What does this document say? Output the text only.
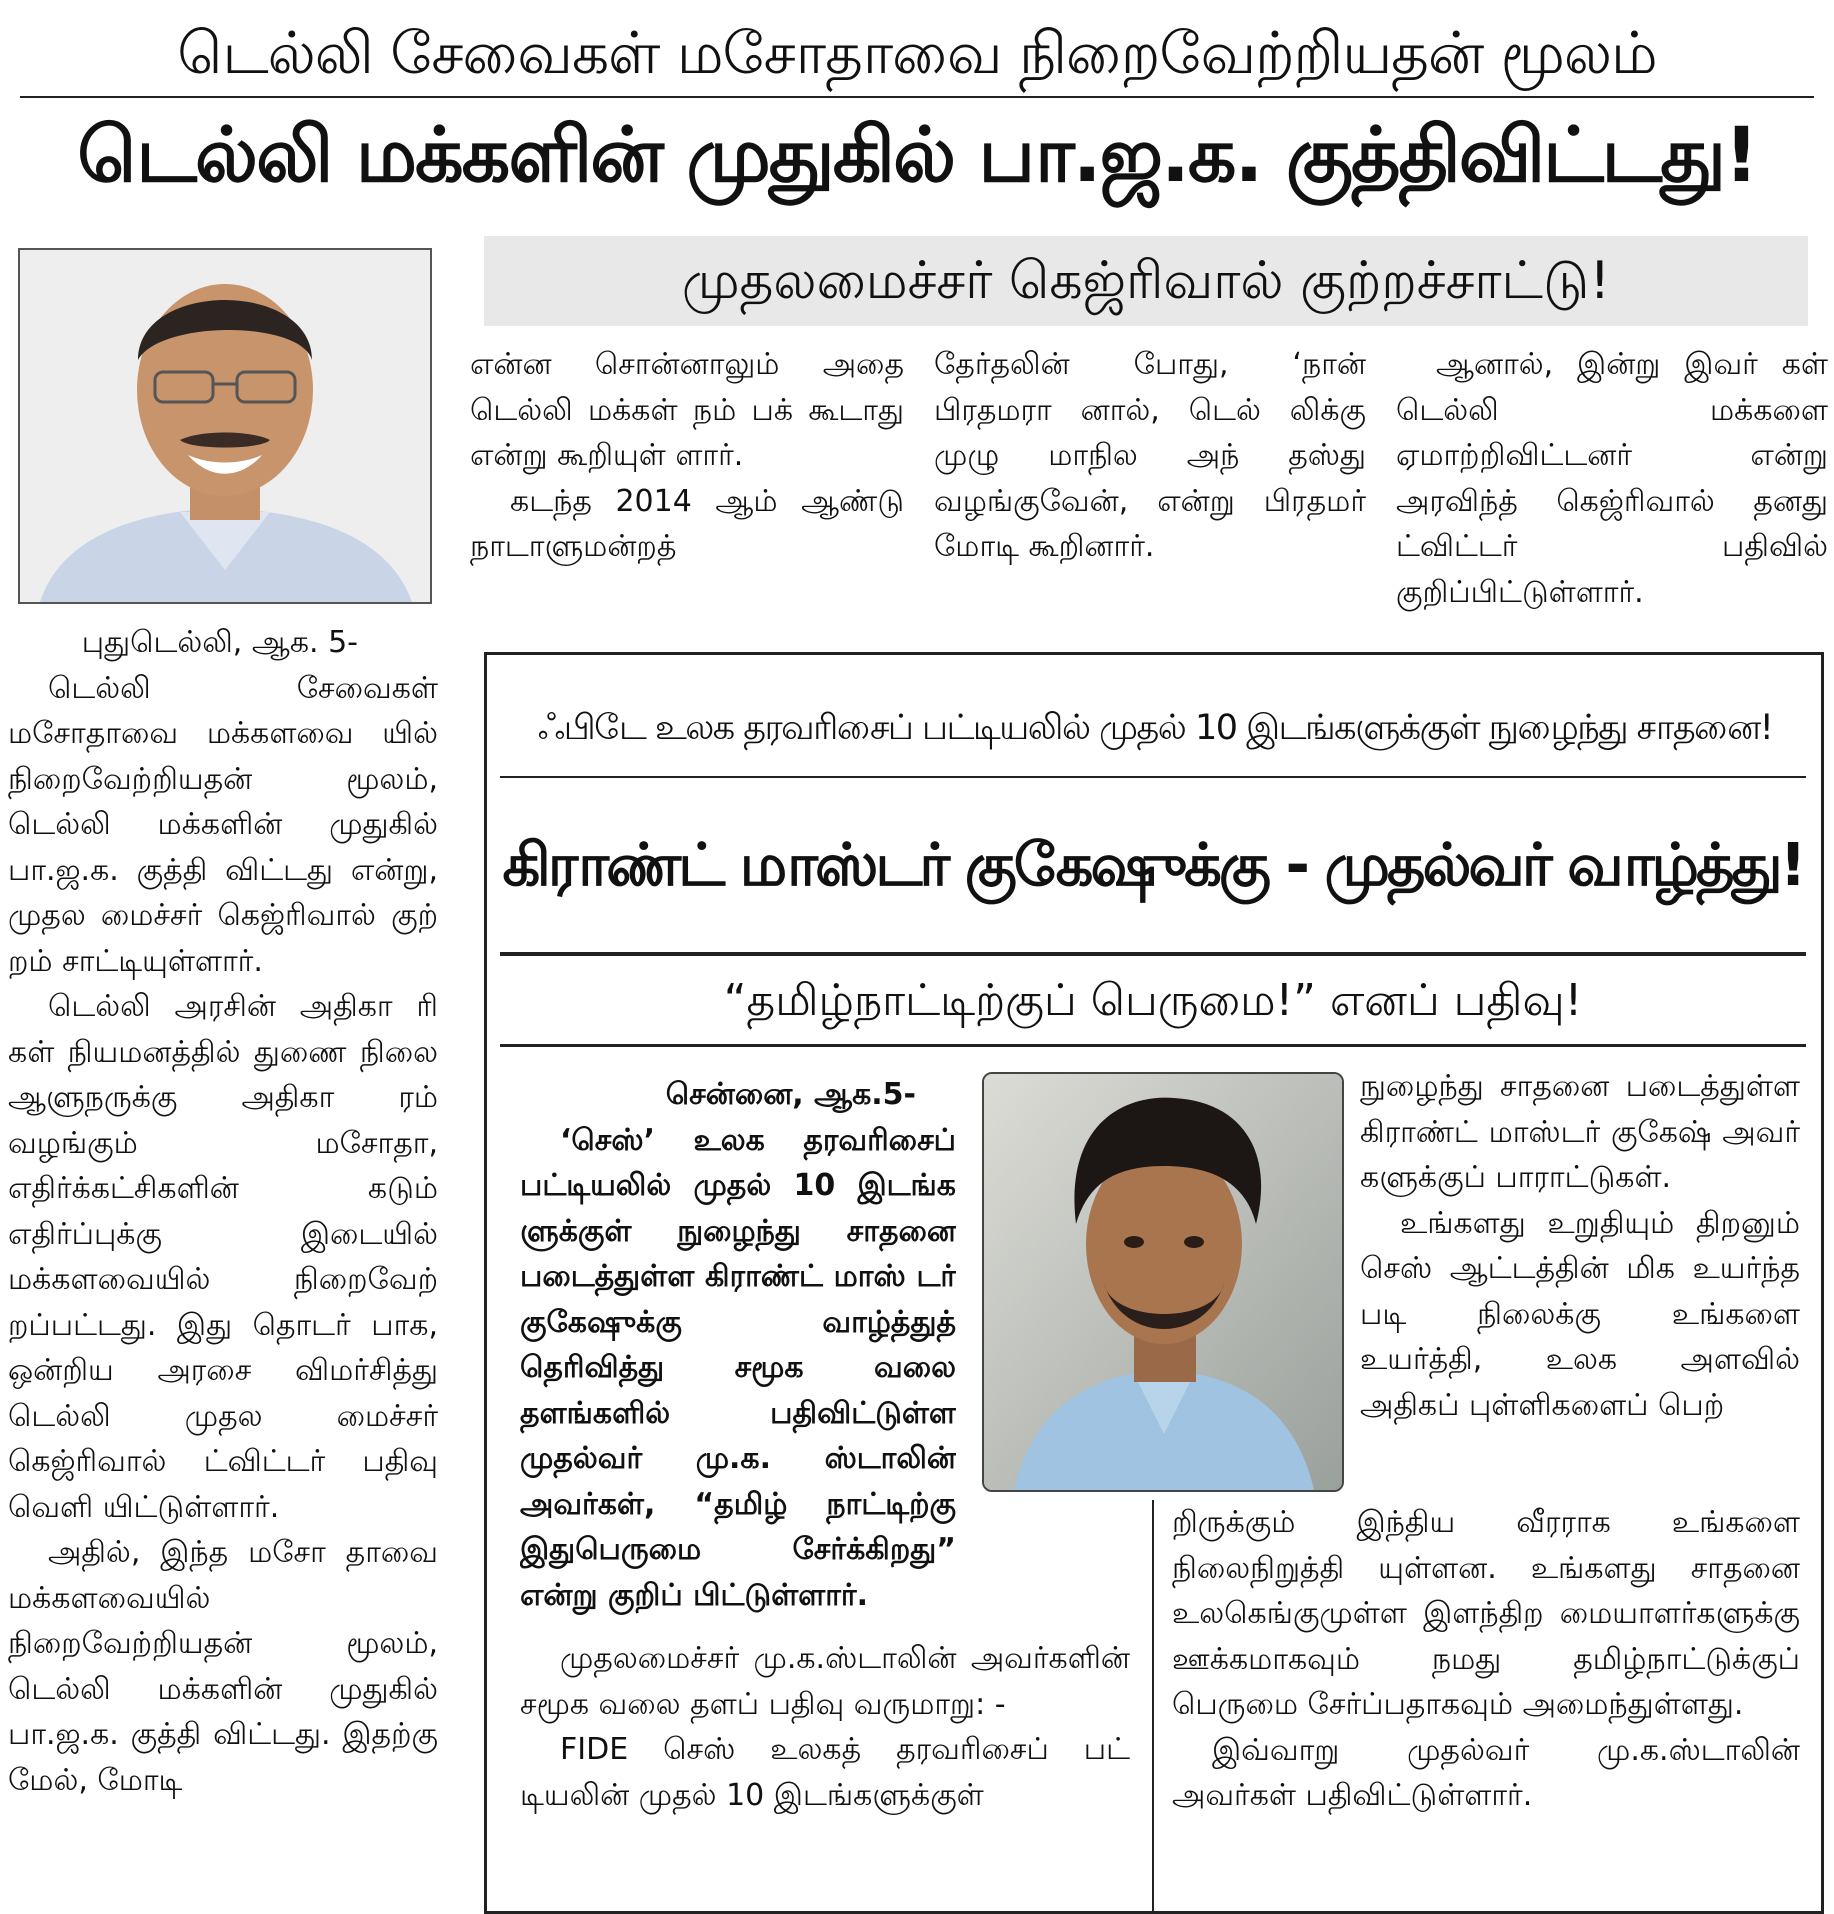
டெல்லி சேவைகள் மசோதாவை நிறைவேற்றியதன் மூலம்
டெல்லி மக்களின் முதுகில் பா.ஜ.க. குத்திவிட்டது!
முதலமைச்சர் கெஜ்ரிவால் குற்றச்சாட்டு!

புதுடெல்லி, ஆக. 5-

டெல்லி சேவைகள் மசோதாவை மக்களவை யில் நிறைவேற்றியதன் மூலம், டெல்லி மக்களின் முதுகில் பா.ஜ.க. குத்தி விட்டது என்று, முதல மைச்சர் கெஜ்ரிவால் குற் றம் சாட்டியுள்ளார்.

டெல்லி அரசின் அதிகா ரி கள் நியமனத்தில் துணை நிலை ஆளுநருக்கு அதிகா ரம் வழங்கும் மசோதா, எதிர்க்கட்சிகளின் கடும் எதிர்ப்புக்கு இடையில் மக்களவையில் நிறைவேற் றப்பட்டது. இது தொடர் பாக, ஒன்றிய அரசை விமர்சித்து டெல்லி முதல மைச்சர் கெஜ்ரிவால் ட்விட்டர் பதிவு வெளி யிட்டுள்ளார்.

அதில், இந்த மசோ தாவை மக்களவையில் நிறைவேற்றியதன் மூலம், டெல்லி மக்களின் முதுகில் பா.ஜ.க. குத்தி விட்டது. இதற்கு மேல், மோடி

என்ன சொன்னாலும் அதை டெல்லி மக்கள் நம் பக் கூடாது என்று கூறியுள் ளார்.

கடந்த 2014 ஆம் ஆண்டு நாடாளுமன்றத்

தேர்தலின் போது, ‘நான் பிரதமரா னால், டெல் லிக்கு முழு மாநில அந் தஸ்து வழங்குவேன், என்று பிரதமர் மோடி கூறினார்.

ஆனால், இன்று இவர் கள் டெல்லி மக்களை ஏமாற்றிவிட்டனர் என்று அரவிந்த் கெஜ்ரிவால் தனது ட்விட்டர் பதிவில் குறிப்பிட்டுள்ளார்.

ஃபிடே உலக தரவரிசைப் பட்டியலில் முதல் 10 இடங்களுக்குள் நுழைந்து சாதனை!
கிராண்ட் மாஸ்டர் குகேஷுக்கு - முதல்வர் வாழ்த்து!
“தமிழ்நாட்டிற்குப் பெருமை!” எனப் பதிவு!

சென்னை, ஆக.5-

‘செஸ்’ உலக தரவரிசைப் பட்டியலில் முதல் 10 இடங்க ளுக்குள் நுழைந்து சாதனை படைத்துள்ள கிராண்ட் மாஸ் டர் குகேஷுக்கு வாழ்த்துத் தெரிவித்து சமூக வலை தளங்களில் பதிவிட்டுள்ள முதல்வர் மு.க. ஸ்டாலின் அவர்கள், “தமிழ் நாட்டிற்கு இதுபெருமை சேர்க்கிறது” என்று குறிப் பிட்டுள்ளார்.

முதலமைச்சர் மு.க.ஸ்டாலின் அவர்களின் சமூக வலை தளப் பதிவு வருமாறு: -

FIDE செஸ் உலகத் தரவரிசைப் பட் டியலின் முதல் 10 இடங்களுக்குள்

நுழைந்து சாதனை படைத்துள்ள கிராண்ட் மாஸ்டர் குகேஷ் அவர் களுக்குப் பாராட்டுகள்.

உங்களது உறுதியும் திறனும் செஸ் ஆட்டத்தின் மிக உயர்ந்த படி நிலைக்கு உங்களை உயர்த்தி, உலக அளவில் அதிகப் புள்ளிகளைப் பெற்

றிருக்கும் இந்திய வீரராக உங்களை நிலைநிறுத்தி யுள்ளன. உங்களது சாதனை உலகெங்குமுள்ள இளந்திற மையாளர்களுக்கு ஊக்கமாகவும் நமது தமிழ்நாட்டுக்குப் பெருமை சேர்ப்பதாகவும் அமைந்துள்ளது.

இவ்வாறு முதல்வர் மு.க.ஸ்டாலின் அவர்கள் பதிவிட்டுள்ளார்.
